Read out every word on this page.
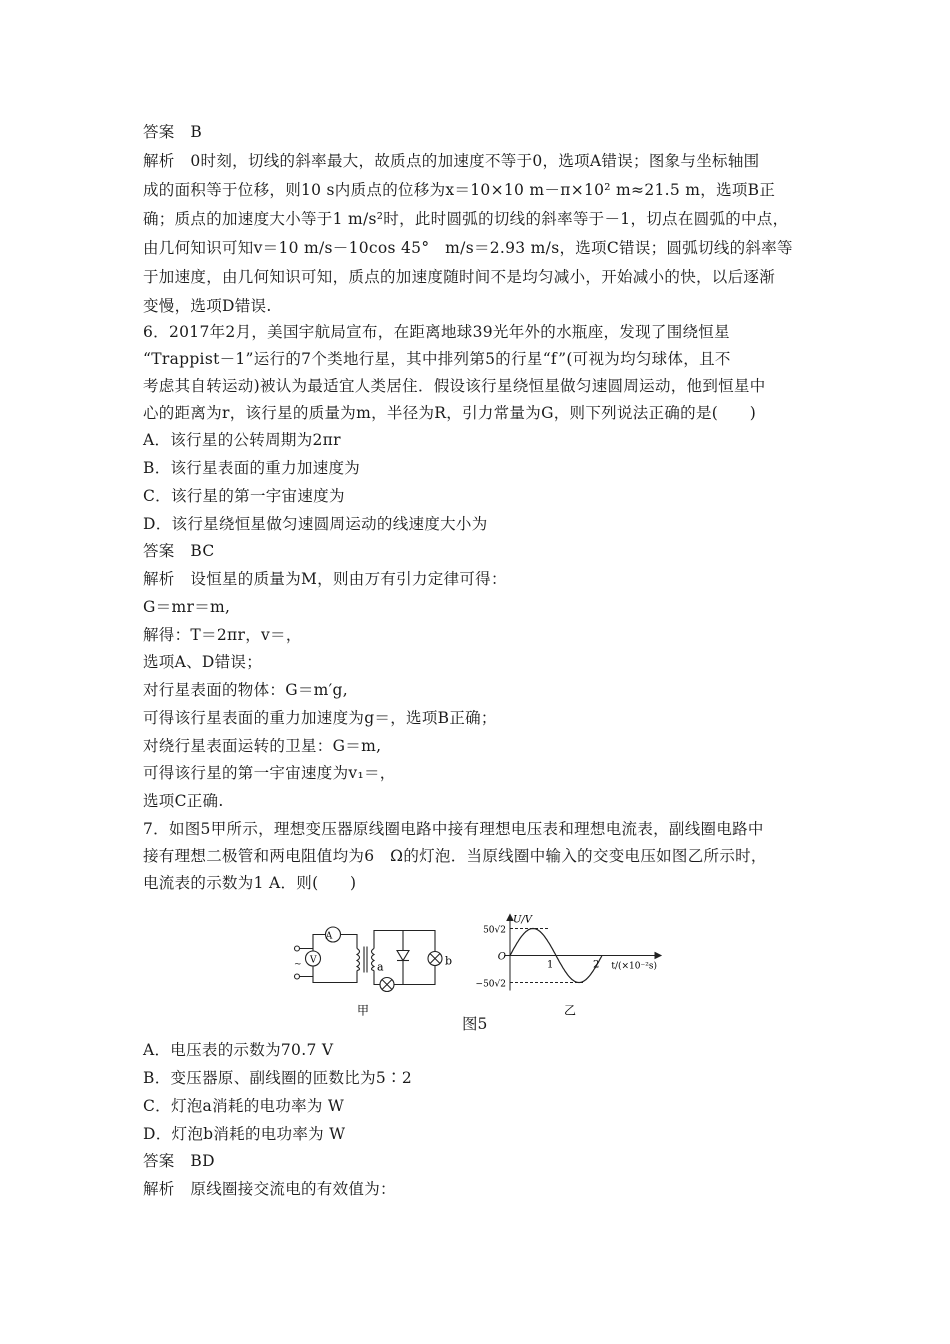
答案　B
解析　0时刻，切线的斜率最大，故质点的加速度不等于0，选项A错误；图象与坐标轴围
成的面积等于位移，则10 s内质点的位移为x＝10×10 m－π×10² m≈21.5 m，选项B正
确；质点的加速度大小等于1 m/s²时，此时圆弧的切线的斜率等于－1，切点在圆弧的中点，
由几何知识可知v＝10 m/s－10cos 45°　m/s＝2.93 m/s，选项C错误；圆弧切线的斜率等
于加速度，由几何知识可知，质点的加速度随时间不是均匀减小，开始减小的快，以后逐渐
变慢，选项D错误.
6．2017年2月，美国宇航局宣布，在距离地球39光年外的水瓶座，发现了围绕恒星
“Trappist－1”运行的7个类地行星，其中排列第5的行星“f”(可视为均匀球体，且不
考虑其自转运动)被认为最适宜人类居住．假设该行星绕恒星做匀速圆周运动，他到恒星中
心的距离为r，该行星的质量为m，半径为R，引力常量为G，则下列说法正确的是(　　)
A．该行星的公转周期为2πr
B．该行星表面的重力加速度为
C．该行星的第一宇宙速度为
D．该行星绕恒星做匀速圆周运动的线速度大小为
答案　BC
解析　设恒星的质量为M，则由万有引力定律可得：
G＝mr＝m,
解得：T＝2πr，v＝，
选项A、D错误；
对行星表面的物体：G＝m′g,
可得该行星表面的重力加速度为g＝，选项B正确；
对绕行星表面运转的卫星：G＝m,
可得该行星的第一宇宙速度为v₁＝，
选项C正确.
7．如图5甲所示，理想变压器原线圈电路中接有理想电压表和理想电流表，副线圈电路中
接有理想二极管和两电阻值均为6　Ω的灯泡．当原线圈中输入的交变电压如图乙所示时，
电流表的示数为1 A．则(　　)
~
A
V	a	b
甲
U/V
t/(×10⁻²s)
50√2
−50√2
O
1	2
乙
图5
A．电压表的示数为70.7 V
B．变压器原、副线圈的匝数比为5∶2
C．灯泡a消耗的电功率为 W
D．灯泡b消耗的电功率为 W
答案　BD
解析　原线圈接交流电的有效值为：
